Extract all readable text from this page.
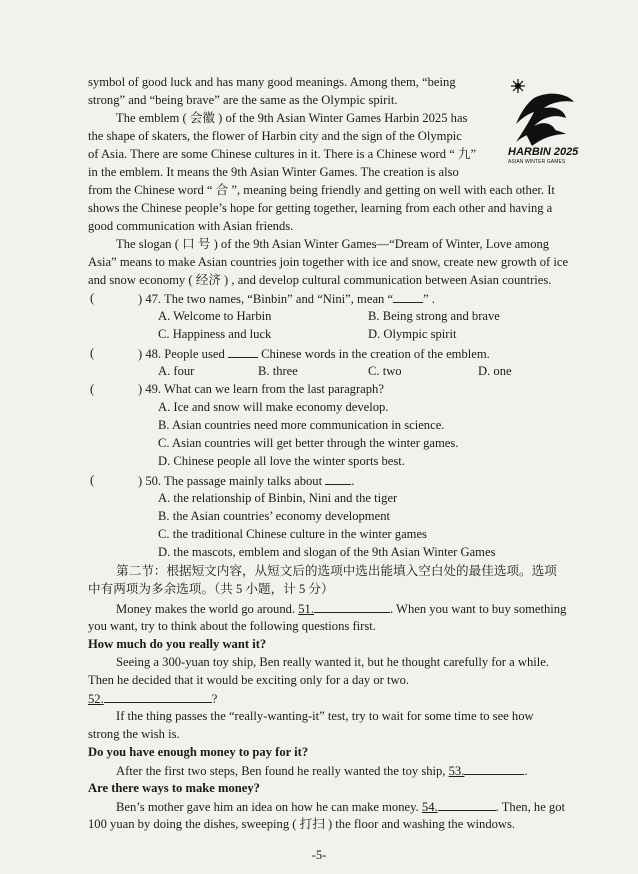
HARBIN 2025
ASIAN WINTER GAMES
symbol of good luck and has many good meanings. Among them, “being
strong” and “being brave” are the same as the Olympic spirit.
The emblem ( 会徽 ) of the 9th Asian Winter Games Harbin 2025 has
the shape of skaters, the flower of Harbin city and the sign of the Olympic
of Asia. There are some Chinese cultures in it. There is a Chinese word “ 九”
in the emblem. It means the 9th Asian Winter Games. The creation is also
from the Chinese word “ 合 ”, meaning being friendly and getting on well with each other. It
shows the Chinese people’s hope for getting together, learning from each other and having a
good communication with Asian friends.
The slogan ( 口 号 ) of the 9th Asian Winter Games—“Dream of Winter, Love among
Asia” means to make Asian countries join together with ice and snow, create new growth of ice
and snow economy ( 经济 ) , and develop cultural communication between Asian countries.
(	) 47. The two names, “Binbin” and “Nini”, mean “ ” .
A. Welcome to Harbin	B. Being strong and brave
C. Happiness and luck	D. Olympic spirit
(	) 48. People used	Chinese words in the creation of the emblem.
A. four	B. three	C. two	D. one
(	) 49. What can we learn from the last paragraph?
A. Ice and snow will make economy develop.
B. Asian countries need more communication in science.
C. Asian countries will get better through the winter games.
D. Chinese people all love the winter sports best.
(	) 50. The passage mainly talks about .
A. the relationship of Binbin, Nini and the tiger
B. the Asian countries’ economy development
C. the traditional Chinese culture in the winter games
D. the mascots, emblem and slogan of the 9th Asian Winter Games
第二节：根据短文内容，从短文后的选项中选出能填入空白处的最佳选项。选项
中有两项为多余选项。（共 5 小题，计 5 分）
Money makes the world go around. 51.	. When you want to buy something
you want, try to think about the following questions first.
How much do you really want it?
Seeing a 300-yuan toy ship, Ben really wanted it, but he thought carefully for a while.
Then he decided that it would be exciting only for a day or two.
52.	?
If the thing passes the “really-wanting-it” test, try to wait for some time to see how
strong the wish is.
Do you have enough money to pay for it?
After the first two steps, Ben found he really wanted the toy ship, 53.	.
Are there ways to make money?
Ben’s mother gave him an idea on how he can make money. 54.	. Then, he got
100 yuan by doing the dishes, sweeping ( 打扫 ) the floor and washing the windows.
-5-
